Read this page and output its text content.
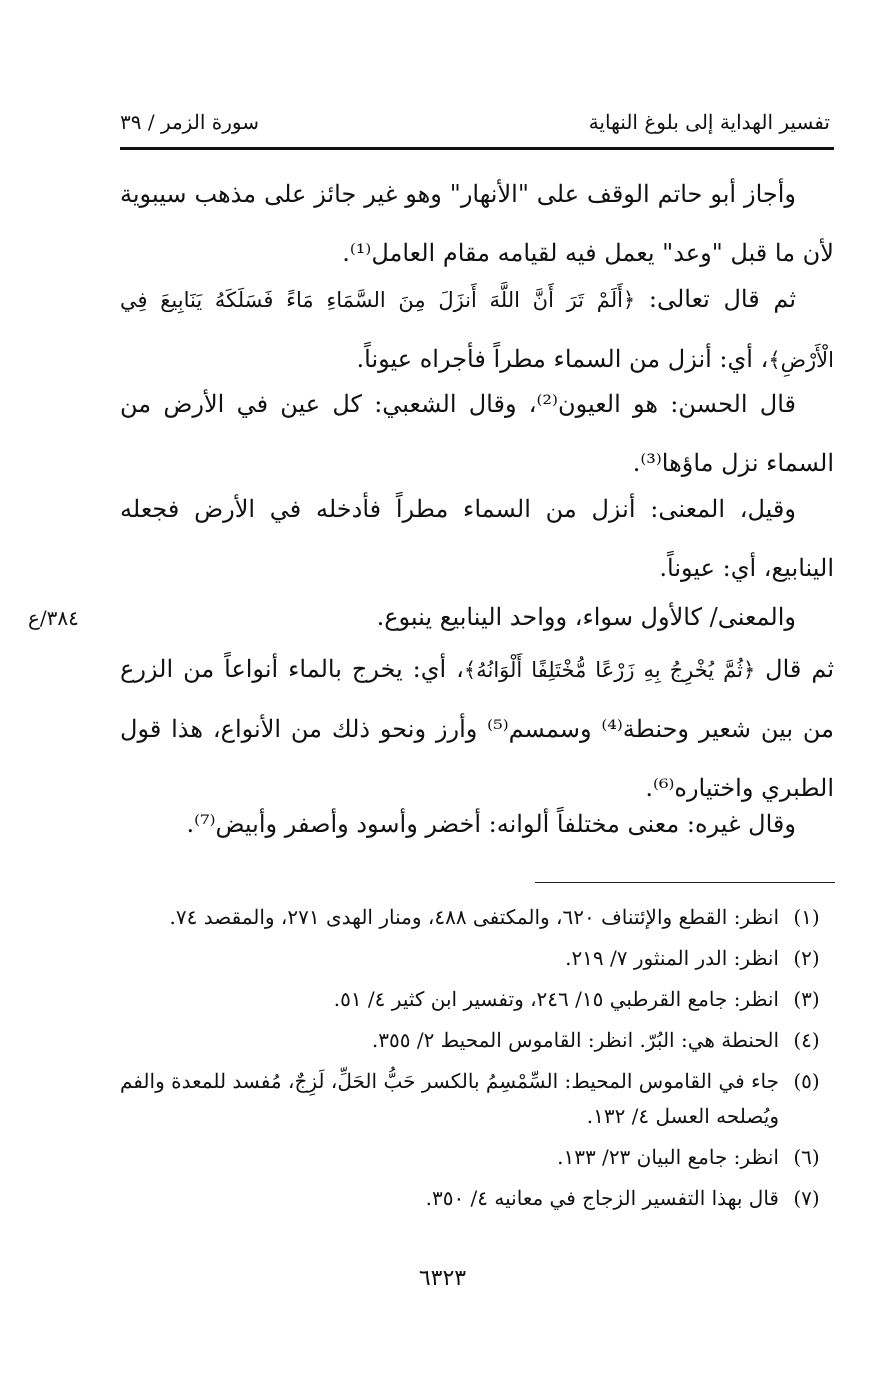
تفسير الهداية إلى بلوغ النهاية
سورة الزمر / ٣٩
وأجاز أبو حاتم الوقف على "الأنهار" وهو غير جائز على مذهب سيبوية لأن ما قبل "وعد" يعمل فيه لقيامه مقام العامل⁽¹⁾.
ثم قال تعالى: ﴿أَلَمْ تَرَ أَنَّ اللَّهَ أَنزَلَ مِنَ السَّمَاءِ مَاءً فَسَلَكَهُ يَنَابِيعَ فِي الْأَرْضِ﴾، أي: أنزل من السماء مطراً فأجراه عيوناً.
قال الحسن: هو العيون⁽²⁾، وقال الشعبي: كل عين في الأرض من السماء نزل ماؤها⁽³⁾.
وقيل، المعنى: أنزل من السماء مطراً فأدخله في الأرض فجعله الينابيع، أي: عيوناً.
والمعنى/ كالأول سواء، وواحد الينابيع ينبوع.
ثم قال ﴿ثُمَّ يُخْرِجُ بِهِ زَرْعًا مُّخْتَلِفًا أَلْوَانُهُ﴾، أي: يخرج بالماء أنواعاً من الزرع من بين شعير وحنطة⁽⁴⁾ وسمسم⁽⁵⁾ وأرز ونحو ذلك من الأنواع، هذا قول الطبري واختياره⁽⁶⁾.
وقال غيره: معنى مختلفاً ألوانه: أخضر وأسود وأصفر وأبيض⁽⁷⁾.
٣٨٤/ع
(١)
انظر: القطع والإئتناف ٦٢٠، والمكتفى ٤٨٨، ومنار الهدى ٢٧١، والمقصد ٧٤.
(٢)
انظر: الدر المنثور ٧/ ٢١٩.
(٣)
انظر: جامع القرطبي ١٥/ ٢٤٦، وتفسير ابن كثير ٤/ ٥١.
(٤)
الحنطة هي: البُرّ. انظر: القاموس المحيط ٢/ ٣٥٥.
(٥)
جاء في القاموس المحيط: السِّمْسِمُ بالكسر حَبُّ الحَلِّ، لَزِجٌ، مُفسد للمعدة والفم ويُصلحه العسل ٤/ ١٣٢.
(٦)
انظر: جامع البيان ٢٣/ ١٣٣.
(٧)
قال بهذا التفسير الزجاج في معانيه ٤/ ٣٥٠.
٦٣٢٣
